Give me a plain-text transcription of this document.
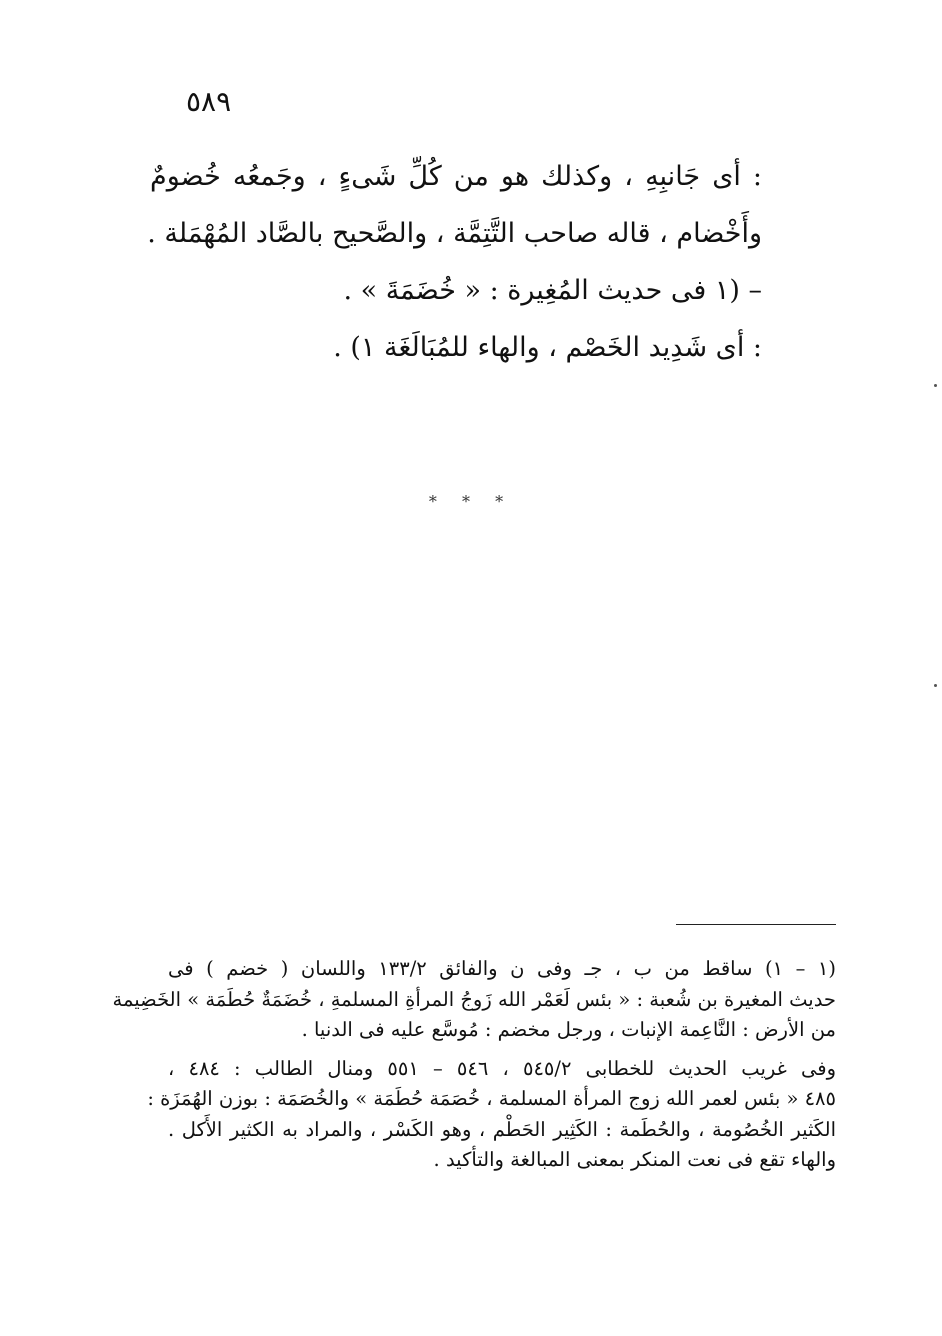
٥٨٩
: أى جَانبِهِ ، وكذلك هو من كُلِّ شَىءٍ ، وجَمعُه خُضومٌ
وأَخْضام ، قاله صاحب التَّتِمَّة ، والصَّحيح بالصَّاد المُهْمَلة .
– (١ فى حديث المُغِيرة : « خُضَمَةَ » .
: أى شَدِيد الخَصْم ، والهاء للمُبَالَغَة ١) .
* * *
(١ – ١) ساقط من ب ، جـ وفى ن والفائق ١٣٣/٢ واللسان ( خضم ) فى
حديث المغيرة بن شُعبة : « بئس لَعَمْر الله زَوجُ المرأةِ المسلمةِ ، خُضَمَةٌ حُطَمَة » الخَضِيمة
من الأرض : النَّاعِمة الإنبات ، ورجل مخضم : مُوسَّع عليه فى الدنيا .
وفى غريب الحديث للخطابى ٥٤٥/٢ ، ٥٤٦ – ٥٥١ ومنال الطالب : ٤٨٤ ،
٤٨٥ « بئس لعمر الله زوج المرأة المسلمة ، خُصَمَة حُطَمَة » والخُصَمَة : بوزن الهُمَزَة :
الكَثير الخُصُومة ، والحُطَمة : الكَثِير الحَطْم ، وهو الكَسْر ، والمراد به الكثير الأَكل .
والهاء تقع فى نعت المنكر بمعنى المبالغة والتأكيد .
